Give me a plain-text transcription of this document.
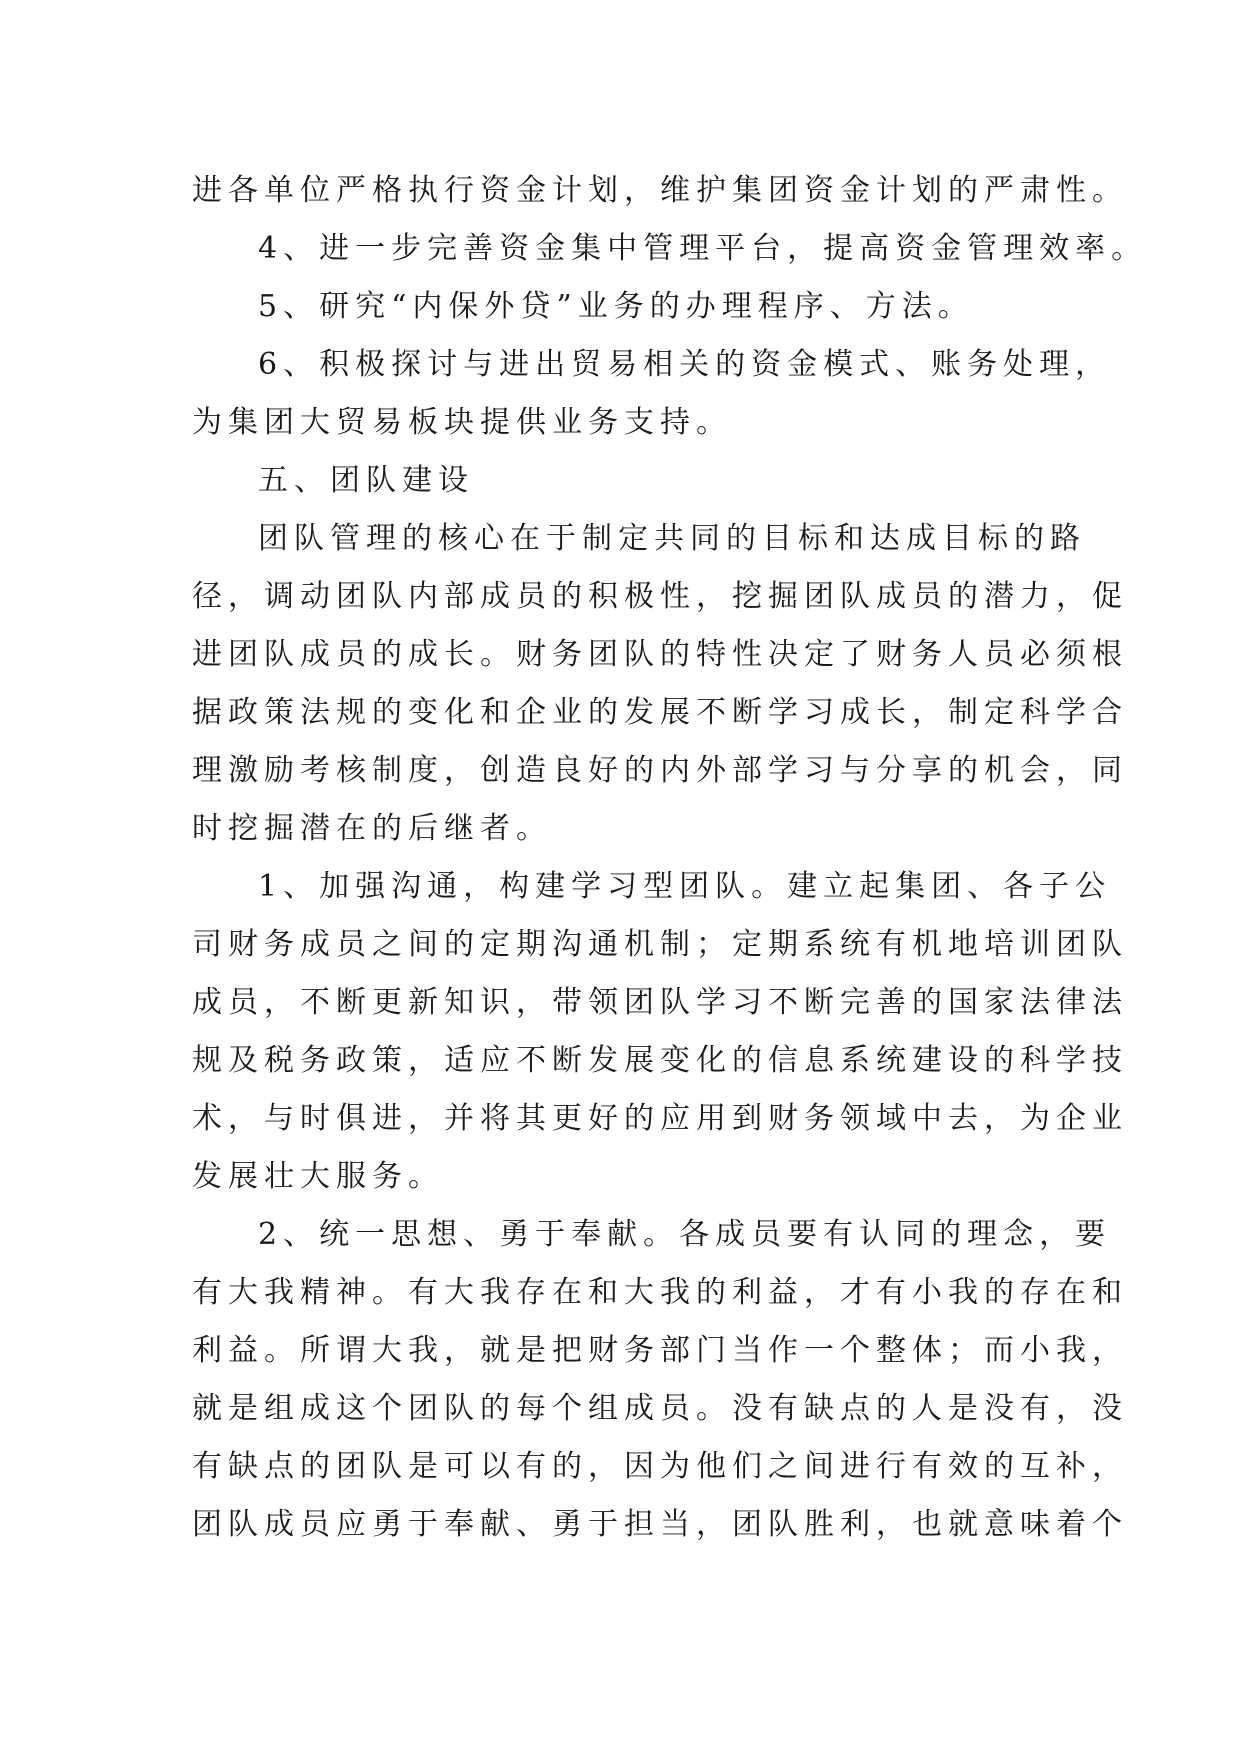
进各单位严格执行资金计划，维护集团资金计划的严肃性。
4、进一步完善资金集中管理平台，提高资金管理效率。
5、研究“内保外贷”业务的办理程序、方法。
6、积极探讨与进出贸易相关的资金模式、账务处理，
为集团大贸易板块提供业务支持。
五、团队建设
团队管理的核心在于制定共同的目标和达成目标的路
径，调动团队内部成员的积极性，挖掘团队成员的潜力，促
进团队成员的成长。财务团队的特性决定了财务人员必须根
据政策法规的变化和企业的发展不断学习成长，制定科学合
理激励考核制度，创造良好的内外部学习与分享的机会，同
时挖掘潜在的后继者。
1、加强沟通，构建学习型团队。建立起集团、各子公
司财务成员之间的定期沟通机制；定期系统有机地培训团队
成员，不断更新知识，带领团队学习不断完善的国家法律法
规及税务政策，适应不断发展变化的信息系统建设的科学技
术，与时俱进，并将其更好的应用到财务领域中去，为企业
发展壮大服务。
2、统一思想、勇于奉献。各成员要有认同的理念，要
有大我精神。有大我存在和大我的利益，才有小我的存在和
利益。所谓大我，就是把财务部门当作一个整体；而小我，
就是组成这个团队的每个组成员。没有缺点的人是没有，没
有缺点的团队是可以有的，因为他们之间进行有效的互补，
团队成员应勇于奉献、勇于担当，团队胜利，也就意味着个
